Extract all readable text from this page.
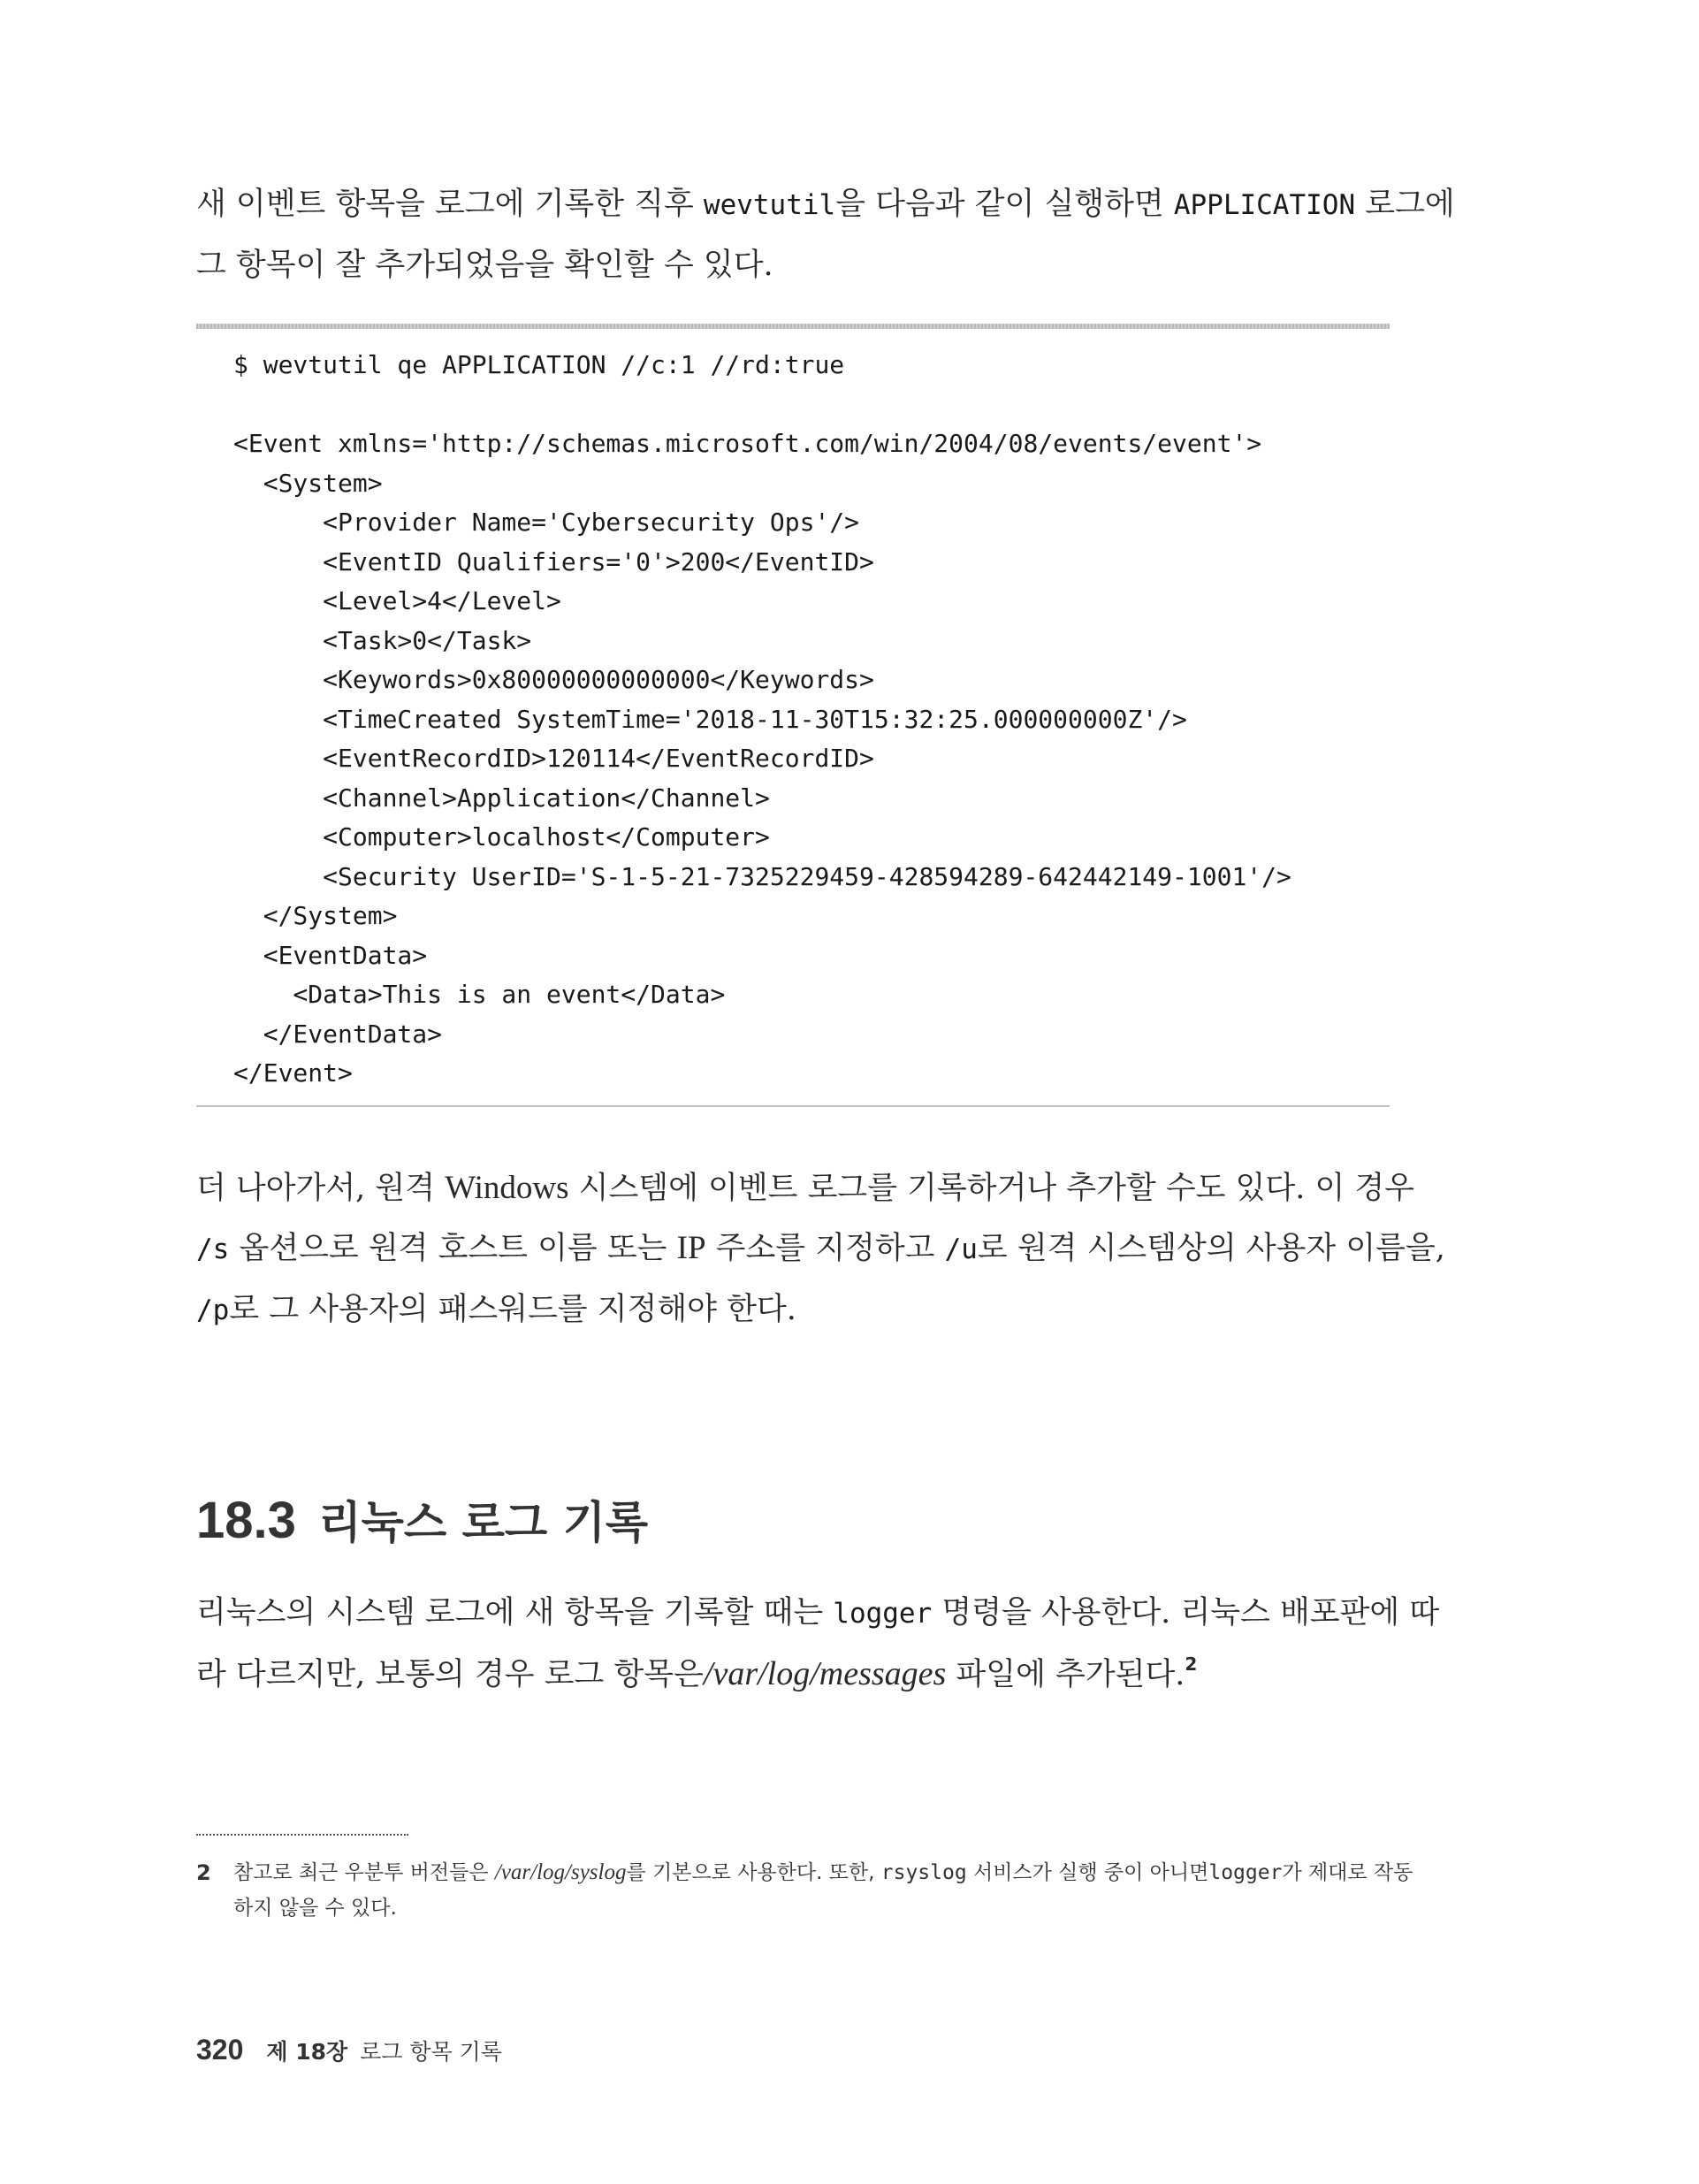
새 이벤트 항목을 로그에 기록한 직후 wevtutil을 다음과 같이 실행하면 APPLICATION 로그에
그 항목이 잘 추가되었음을 확인할 수 있다.
$ wevtutil qe APPLICATION //c:1 //rd:true

<Event xmlns='http://schemas.microsoft.com/win/2004/08/events/event'>
<System>
<Provider Name='Cybersecurity Ops'/>
<EventID Qualifiers='0'>200</EventID>
<Level>4</Level>
<Task>0</Task>
<Keywords>0x80000000000000</Keywords>
<TimeCreated SystemTime='2018-11-30T15:32:25.000000000Z'/>
<EventRecordID>120114</EventRecordID>
<Channel>Application</Channel>
<Computer>localhost</Computer>
<Security UserID='S-1-5-21-7325229459-428594289-642442149-1001'/>
</System>
<EventData>
<Data>This is an event</Data>
</EventData>
</Event>
더 나아가서, 원격 Windows 시스템에 이벤트 로그를 기록하거나 추가할 수도 있다. 이 경우
/s 옵션으로 원격 호스트 이름 또는 IP 주소를 지정하고 /u로 원격 시스템상의 사용자 이름을,
/p로 그 사용자의 패스워드를 지정해야 한다.
18.3 리눅스 로그 기록
리눅스의 시스템 로그에 새 항목을 기록할 때는 logger 명령을 사용한다. 리눅스 배포판에 따
라 다르지만, 보통의 경우 로그 항목은/var/log/messages 파일에 추가된다.$^2$
2 참고로 최근 우분투 버전들은 /var/log/syslog를 기본으로 사용한다. 또한, rsyslog 서비스가 실행 중이 아니면logger가 제대로 작동
하지 않을 수 있다.
320 제 18장 로그 항목 기록
